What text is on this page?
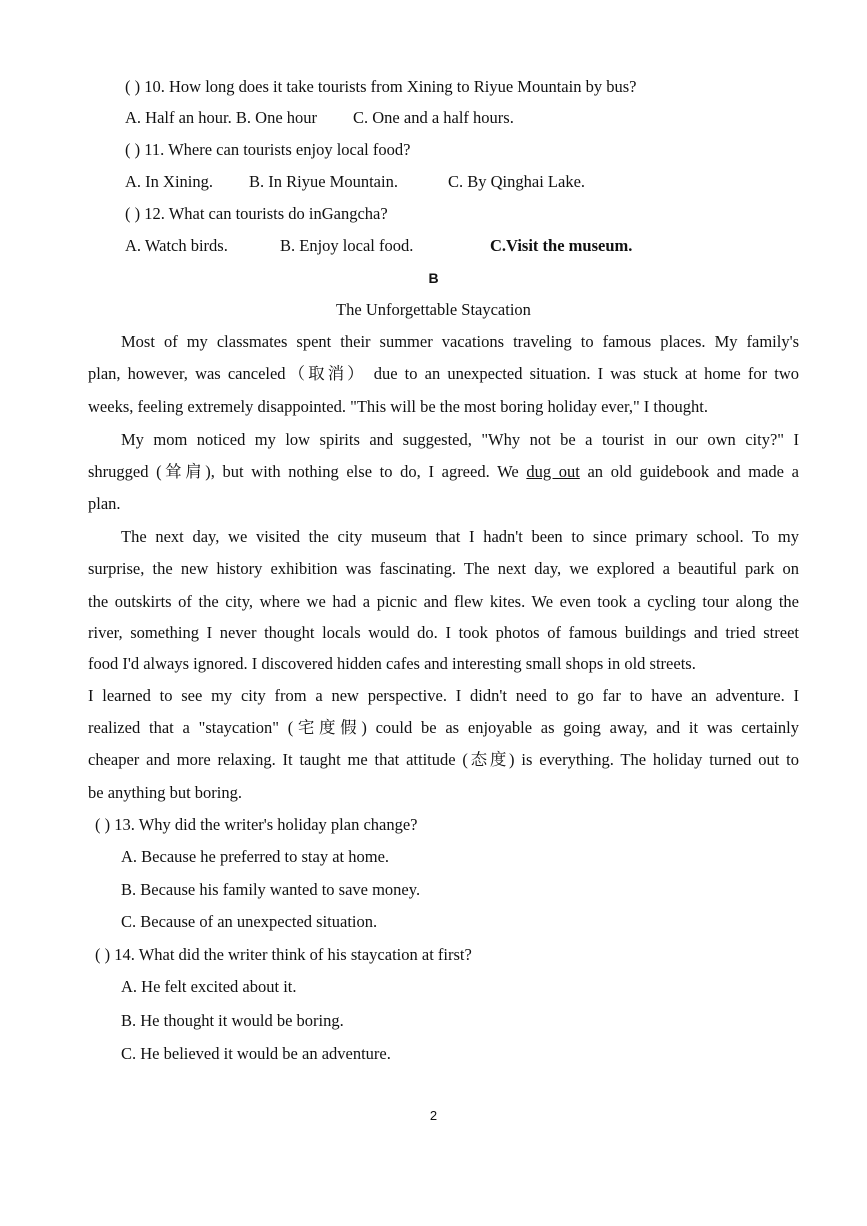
( ) 10. How long does it take tourists from Xining to Riyue Mountain by bus?
A. Half an hour. B. One hour C. One and a half hours.
( ) 11. Where can tourists enjoy local food?
A. In Xining. B. In Riyue Mountain.	C. By Qinghai Lake.
( ) 12. What can tourists do inGangcha?
A. Watch birds.	B. Enjoy local food.	C.Visit the museum.
B
The Unforgettable Staycation
Most of my classmates spent their summer vacations traveling to famous places. My family's
plan, however, was canceled（取消） due to an unexpected situation. I was stuck at home for two
weeks, feeling extremely disappointed. "This will be the most boring holiday ever," I thought.
My mom noticed my low spirits and suggested, "Why not be a tourist in our own city?" I
shrugged (耸肩), but with nothing else to do, I agreed. We dug out an old guidebook and made a
plan.
The next day, we visited the city museum that I hadn't been to since primary school. To my
surprise, the new history exhibition was fascinating. The next day, we explored a beautiful park on
the outskirts of the city, where we had a picnic and flew kites. We even took a cycling tour along the
river, something I never thought locals would do. I took photos of famous buildings and tried street
food I'd always ignored. I discovered hidden cafes and interesting small shops in old streets.
I learned to see my city from a new perspective. I didn't need to go far to have an adventure. I
realized that a "staycation" (宅度假) could be as enjoyable as going away, and it was certainly
cheaper and more relaxing. It taught me that attitude (态度) is everything. The holiday turned out to
be anything but boring.
( ) 13. Why did the writer's holiday plan change?
A. Because he preferred to stay at home.
B. Because his family wanted to save money.
C. Because of an unexpected situation.
( ) 14. What did the writer think of his staycation at first?
A. He felt excited about it.
B. He thought it would be boring.
C. He believed it would be an adventure.
2
